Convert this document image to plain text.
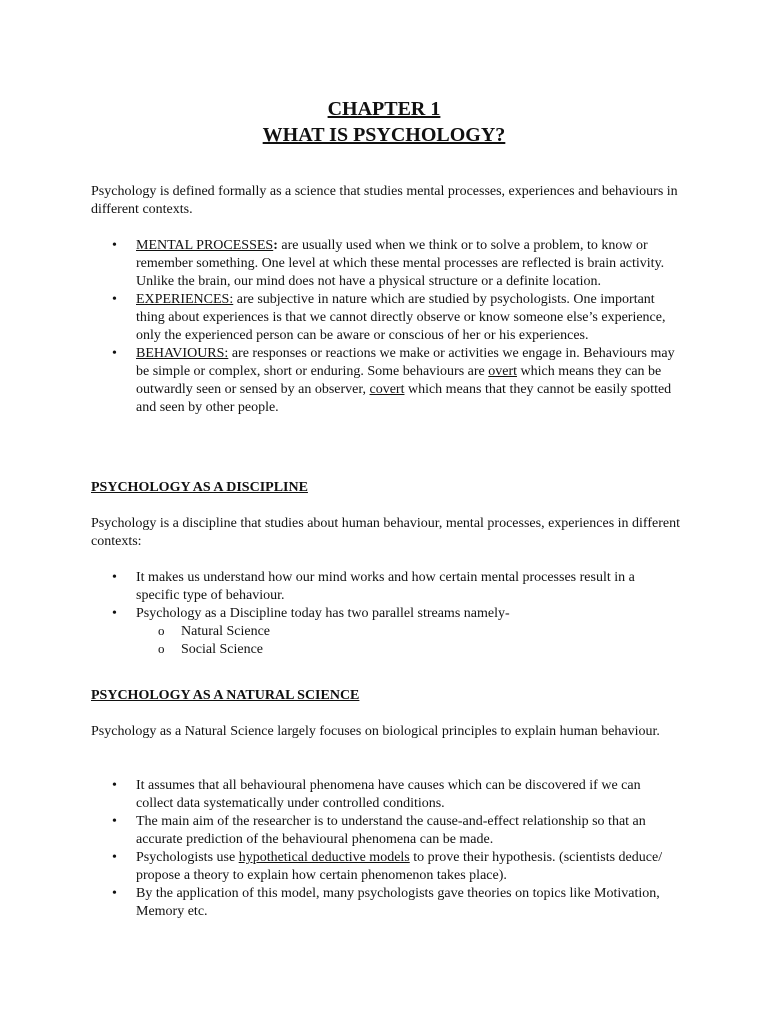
CHAPTER 1
WHAT IS PSYCHOLOGY?

Psychology is defined formally as a science that studies mental processes, experiences and behaviours in different contexts.

• MENTAL PROCESSES: are usually used when we think or to solve a problem, to know or remember something. One level at which these mental processes are reflected is brain activity. Unlike the brain, our mind does not have a physical structure or a definite location.
• EXPERIENCES: are subjective in nature which are studied by psychologists. One important thing about experiences is that we cannot directly observe or know someone else’s experience, only the experienced person can be aware or conscious of her or his experiences.
• BEHAVIOURS: are responses or reactions we make or activities we engage in. Behaviours may be simple or complex, short or enduring. Some behaviours are overt which means they can be outwardly seen or sensed by an observer, covert which means that they cannot be easily spotted and seen by other people.
PSYCHOLOGY AS A DISCIPLINE

Psychology is a discipline that studies about human behaviour, mental processes, experiences in different contexts:

• It makes us understand how our mind works and how certain mental processes result in a specific type of behaviour.
• Psychology as a Discipline today has two parallel streams namely-
o Natural Science
o Social Science
PSYCHOLOGY AS A NATURAL SCIENCE

Psychology as a Natural Science largely focuses on biological principles to explain human behaviour.

• It assumes that all behavioural phenomena have causes which can be discovered if we can collect data systematically under controlled conditions.
• The main aim of the researcher is to understand the cause-and-effect relationship so that an accurate prediction of the behavioural phenomena can be made.
• Psychologists use hypothetical deductive models to prove their hypothesis. (scientists deduce/ propose a theory to explain how certain phenomenon takes place).
• By the application of this model, many psychologists gave theories on topics like Motivation, Memory etc.
